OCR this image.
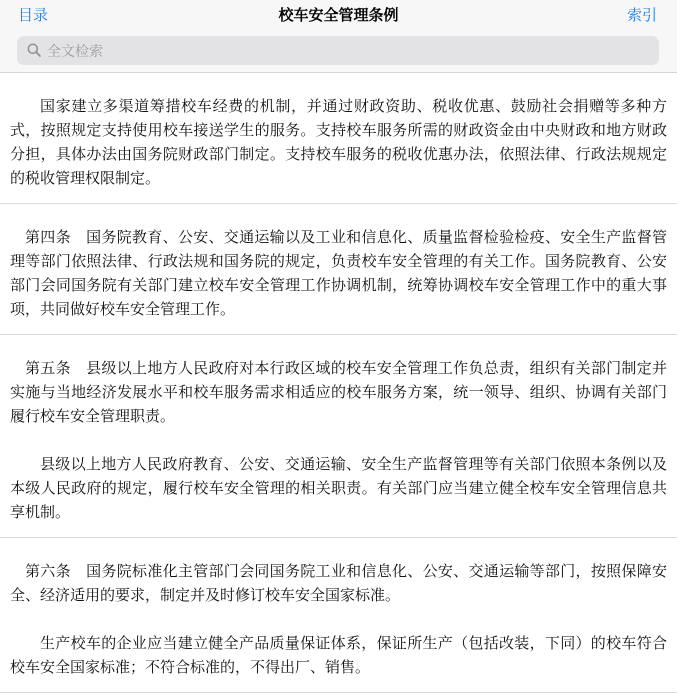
目录	校车安全管理条例	索引
全文检索

国家建立多渠道筹措校车经费的机制，并通过财政资助、税收优惠、鼓励社会捐赠等多种方式，按照规定支持使用校车接送学生的服务。支持校车服务所需的财政资金由中央财政和地方财政分担，具体办法由国务院财政部门制定。支持校车服务的税收优惠办法，依照法律、行政法规规定的税收管理权限制定。

第四条　国务院教育、公安、交通运输以及工业和信息化、质量监督检验检疫、安全生产监督管理等部门依照法律、行政法规和国务院的规定，负责校车安全管理的有关工作。国务院教育、公安部门会同国务院有关部门建立校车安全管理工作协调机制，统筹协调校车安全管理工作中的重大事项，共同做好校车安全管理工作。

第五条　县级以上地方人民政府对本行政区域的校车安全管理工作负总责，组织有关部门制定并实施与当地经济发展水平和校车服务需求相适应的校车服务方案，统一领导、组织、协调有关部门履行校车安全管理职责。

县级以上地方人民政府教育、公安、交通运输、安全生产监督管理等有关部门依照本条例以及本级人民政府的规定，履行校车安全管理的相关职责。有关部门应当建立健全校车安全管理信息共享机制。

第六条　国务院标准化主管部门会同国务院工业和信息化、公安、交通运输等部门，按照保障安全、经济适用的要求，制定并及时修订校车安全国家标准。

生产校车的企业应当建立健全产品质量保证体系，保证所生产（包括改装，下同）的校车符合校车安全国家标准；不符合标准的，不得出厂、销售。
